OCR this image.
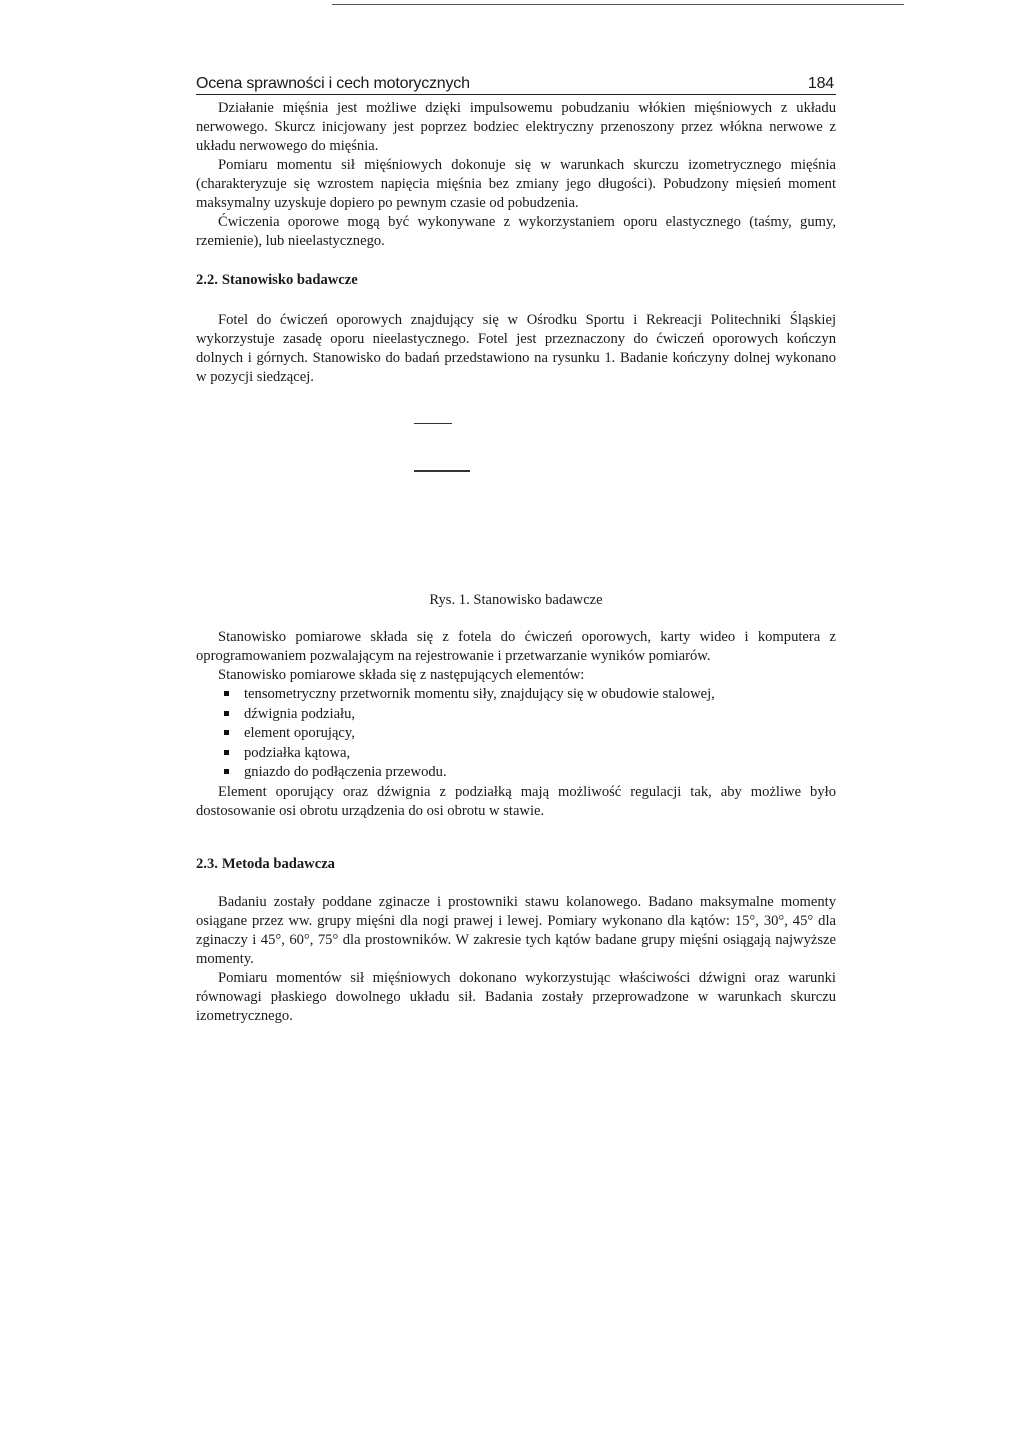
Ocena sprawności i cech motorycznych	184

Działanie mięśnia jest możliwe dzięki impulsowemu pobudzaniu włókien mięśniowych z układu nerwowego. Skurcz inicjowany jest poprzez bodziec elektryczny przenoszony przez włókna nerwowe z układu nerwowego do mięśnia.

Pomiaru momentu sił mięśniowych dokonuje się w warunkach skurczu izometrycznego mięśnia (charakteryzuje się wzrostem napięcia mięśnia bez zmiany jego długości). Pobudzony mięsień moment maksymalny uzyskuje dopiero po pewnym czasie od pobudzenia.

Ćwiczenia oporowe mogą być wykonywane z wykorzystaniem oporu elastycznego (taśmy, gumy, rzemienie), lub nieelastycznego.

2.2. Stanowisko badawcze

Fotel do ćwiczeń oporowych znajdujący się w Ośrodku Sportu i Rekreacji Politechniki Śląskiej wykorzystuje zasadę oporu nieelastycznego. Fotel jest przeznaczony do ćwiczeń oporowych kończyn dolnych i górnych. Stanowisko do badań przedstawiono na rysunku 1. Badanie kończyny dolnej wykonano w pozycji siedzącej.

Rys. 1. Stanowisko badawcze

Stanowisko pomiarowe składa się z fotela do ćwiczeń oporowych, karty wideo i komputera z oprogramowaniem pozwalającym na rejestrowanie i przetwarzanie wyników pomiarów.

Stanowisko pomiarowe składa się z następujących elementów:

tensometryczny przetwornik momentu siły, znajdujący się w obudowie stalowej,
dźwignia podziału,
element oporujący,
podziałka kątowa,
gniazdo do podłączenia przewodu.

Element oporujący oraz dźwignia z podziałką mają możliwość regulacji tak, aby możliwe było dostosowanie osi obrotu urządzenia do osi obrotu w stawie.

2.3. Metoda badawcza

Badaniu zostały poddane zginacze i prostowniki stawu kolanowego. Badano maksymalne momenty osiągane przez ww. grupy mięśni dla nogi prawej i lewej. Pomiary wykonano dla kątów: 15°, 30°, 45° dla zginaczy i 45°, 60°, 75° dla prostowników. W zakresie tych kątów badane grupy mięśni osiągają najwyższe momenty.

Pomiaru momentów sił mięśniowych dokonano wykorzystując właściwości dźwigni oraz warunki równowagi płaskiego dowolnego układu sił. Badania zostały przeprowadzone w warunkach skurczu izometrycznego.
